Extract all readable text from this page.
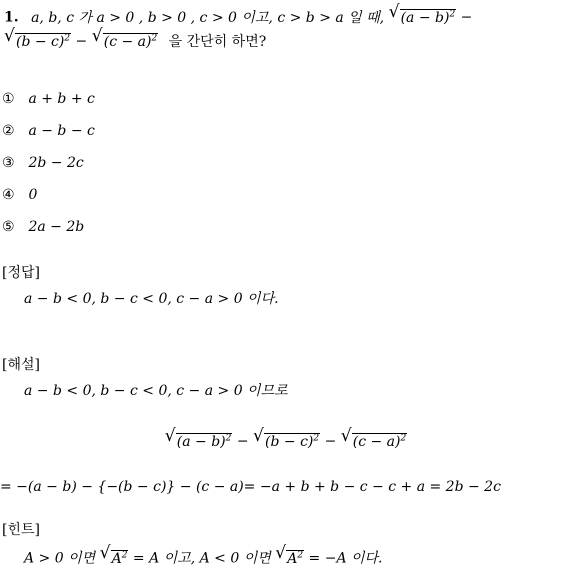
1. a, b, c 가 a > 0 , b > 0 , c > 0 이고, c > b > a 일 때, √ $(a - b)^2$ −
√ $(b - c)^2$ − √ $(c - a)^2$ 을 간단히 하면?
① a + b + c
② a − b − c
③ 2b − 2c
④ 0
⑤ 2a − 2b
[정답]
a − b < 0, b − c < 0, c − a > 0 이다.
[해설]
a − b < 0, b − c < 0, c − a > 0 이므로
√ $(a - b)^2$ − √ $(b - c)^2$ − √ $(c - a)^2$
= −(a − b) − {−(b − c)} − (c − a)= −a + b + b − c − c + a = 2b − 2c
[힌트]
A > 0 이면 √ $A^2 = A$ 이고, A < 0 이면 √ $A^2 = -A$ 이다.
